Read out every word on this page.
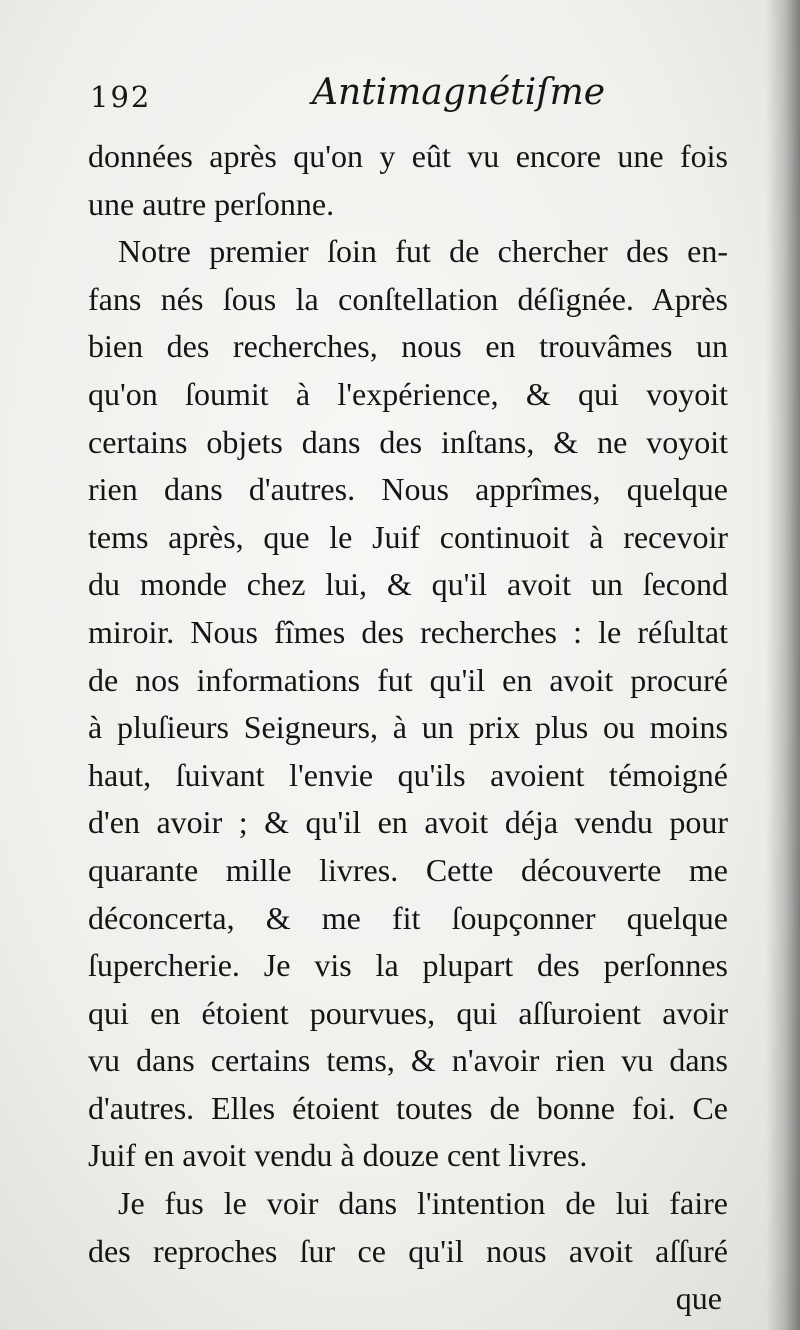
192	Antimagnétiſme
données après qu'on y eût vu encore une fois
une autre perſonne.
Notre premier ſoin fut de chercher des en-
fans nés ſous la conſtellation déſignée. Après
bien des recherches, nous en trouvâmes un
qu'on ſoumit à l'expérience, & qui voyoit
certains objets dans des inſtans, & ne voyoit
rien dans d'autres. Nous apprîmes, quelque
tems après, que le Juif continuoit à recevoir
du monde chez lui, & qu'il avoit un ſecond
miroir. Nous fîmes des recherches : le réſultat
de nos informations fut qu'il en avoit procuré
à pluſieurs Seigneurs, à un prix plus ou moins
haut, ſuivant l'envie qu'ils avoient témoigné
d'en avoir ; & qu'il en avoit déja vendu pour
quarante mille livres. Cette découverte me
déconcerta, & me fit ſoupçonner quelque
ſupercherie. Je vis la plupart des perſonnes
qui en étoient pourvues, qui aſſuroient avoir
vu dans certains tems, & n'avoir rien vu dans
d'autres. Elles étoient toutes de bonne foi. Ce
Juif en avoit vendu à douze cent livres.
Je fus le voir dans l'intention de lui faire
des reproches ſur ce qu'il nous avoit aſſuré
que
